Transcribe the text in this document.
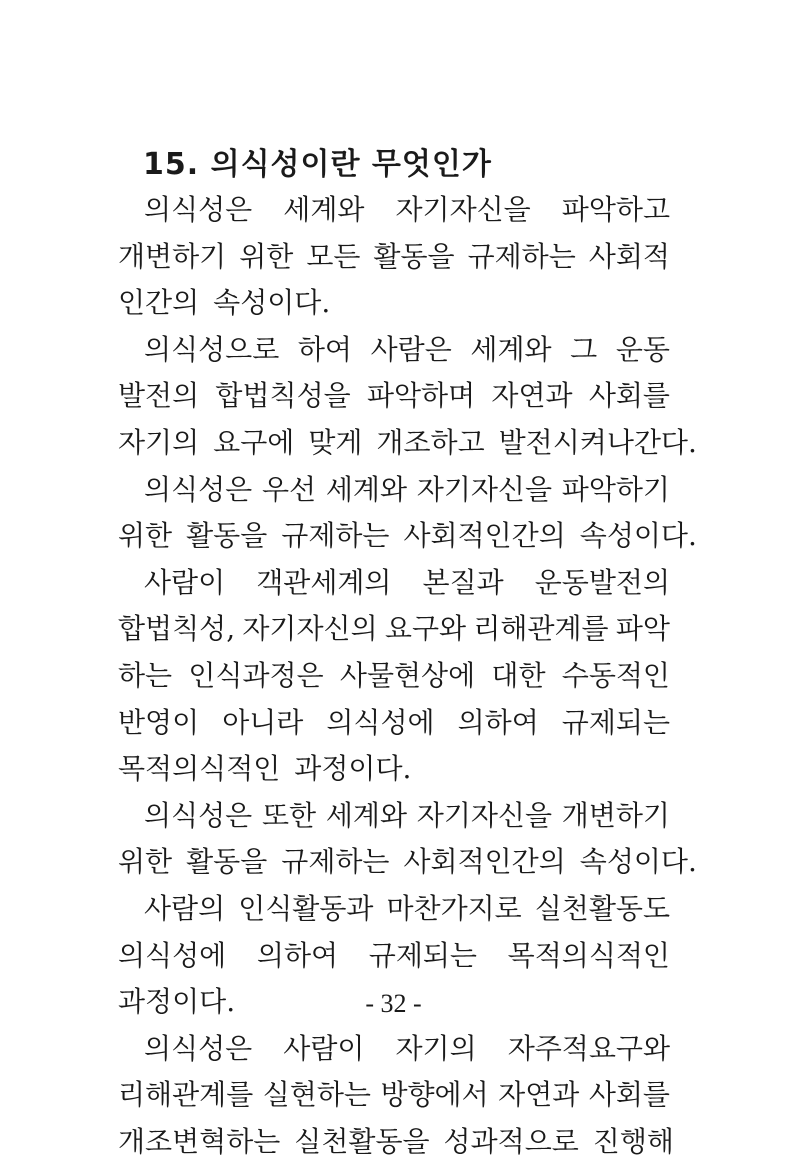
15. 의식성이란 무엇인가
의식성은 세계와 자기자신을 파악하고
개변하기 위한 모든 활동을 규제하는 사회적
인간의 속성이다.
의식성으로 하여 사람은 세계와 그 운동
발전의 합법칙성을 파악하며 자연과 사회를
자기의 요구에 맞게 개조하고 발전시켜나간다.
의식성은 우선 세계와 자기자신을 파악하기
위한 활동을 규제하는 사회적인간의 속성이다.
사람이 객관세계의 본질과 운동발전의
합법칙성, 자기자신의 요구와 리해관계를 파악
하는 인식과정은 사물현상에 대한 수동적인
반영이 아니라 의식성에 의하여 규제되는
목적의식적인 과정이다.
의식성은 또한 세계와 자기자신을 개변하기
위한 활동을 규제하는 사회적인간의 속성이다.
사람의 인식활동과 마찬가지로 실천활동도
의식성에 의하여 규제되는 목적의식적인
과정이다.
의식성은 사람이 자기의 자주적요구와
리해관계를 실현하는 방향에서 자연과 사회를
개조변혁하는 실천활동을 성과적으로 진행해
- 32 -
